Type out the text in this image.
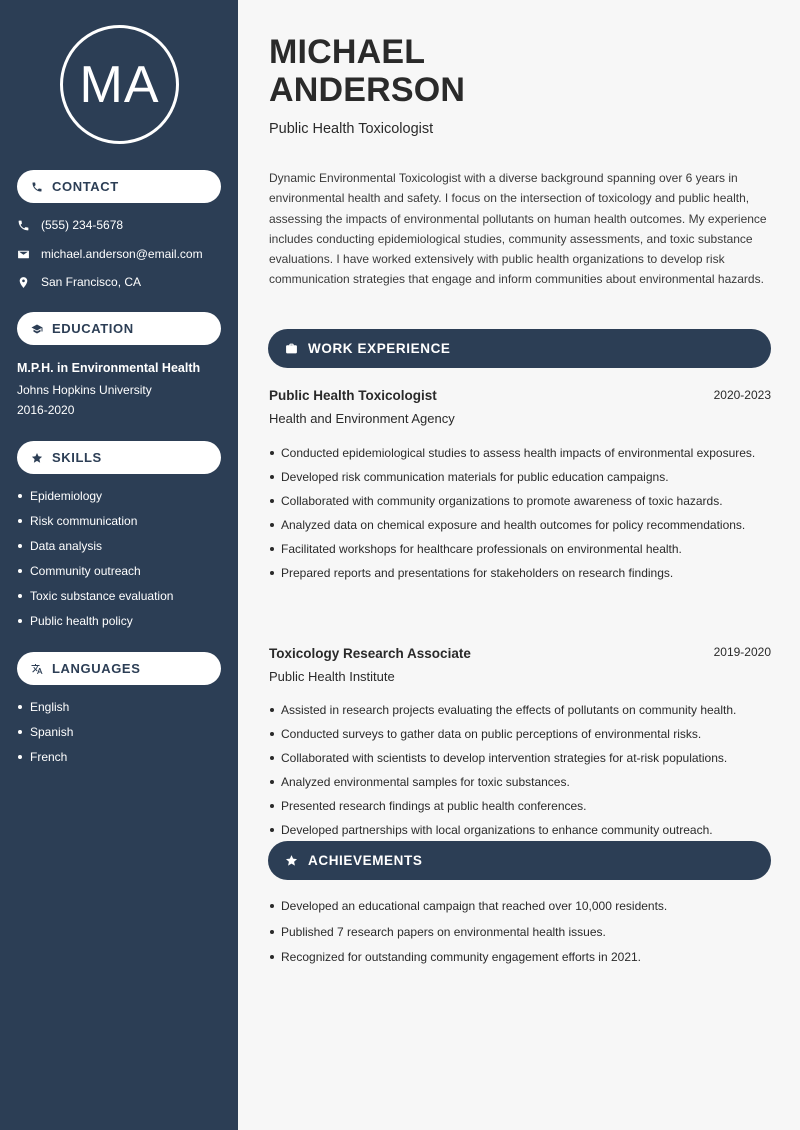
MA
CONTACT
(555) 234-5678
michael.anderson@email.com
San Francisco, CA
EDUCATION
M.P.H. in Environmental Health
Johns Hopkins University
2016-2020
SKILLS
Epidemiology
Risk communication
Data analysis
Community outreach
Toxic substance evaluation
Public health policy
LANGUAGES
English
Spanish
French
MICHAEL
ANDERSON
Public Health Toxicologist

Dynamic Environmental Toxicologist with a diverse background spanning over 6 years in environmental health and safety. I focus on the intersection of toxicology and public health, assessing the impacts of environmental pollutants on human health outcomes. My experience includes conducting epidemiological studies, community assessments, and toxic substance evaluations. I have worked extensively with public health organizations to develop risk communication strategies that engage and inform communities about environmental hazards.

WORK EXPERIENCE
Public Health Toxicologist	2020-2023
Health and Environment Agency
Conducted epidemiological studies to assess health impacts of environmental exposures.
Developed risk communication materials for public education campaigns.
Collaborated with community organizations to promote awareness of toxic hazards.
Analyzed data on chemical exposure and health outcomes for policy recommendations.
Facilitated workshops for healthcare professionals on environmental health.
Prepared reports and presentations for stakeholders on research findings.
Toxicology Research Associate	2019-2020
Public Health Institute
Assisted in research projects evaluating the effects of pollutants on community health.
Conducted surveys to gather data on public perceptions of environmental risks.
Collaborated with scientists to develop intervention strategies for at-risk populations.
Analyzed environmental samples for toxic substances.
Presented research findings at public health conferences.
Developed partnerships with local organizations to enhance community outreach.
ACHIEVEMENTS
Developed an educational campaign that reached over 10,000 residents.
Published 7 research papers on environmental health issues.
Recognized for outstanding community engagement efforts in 2021.
